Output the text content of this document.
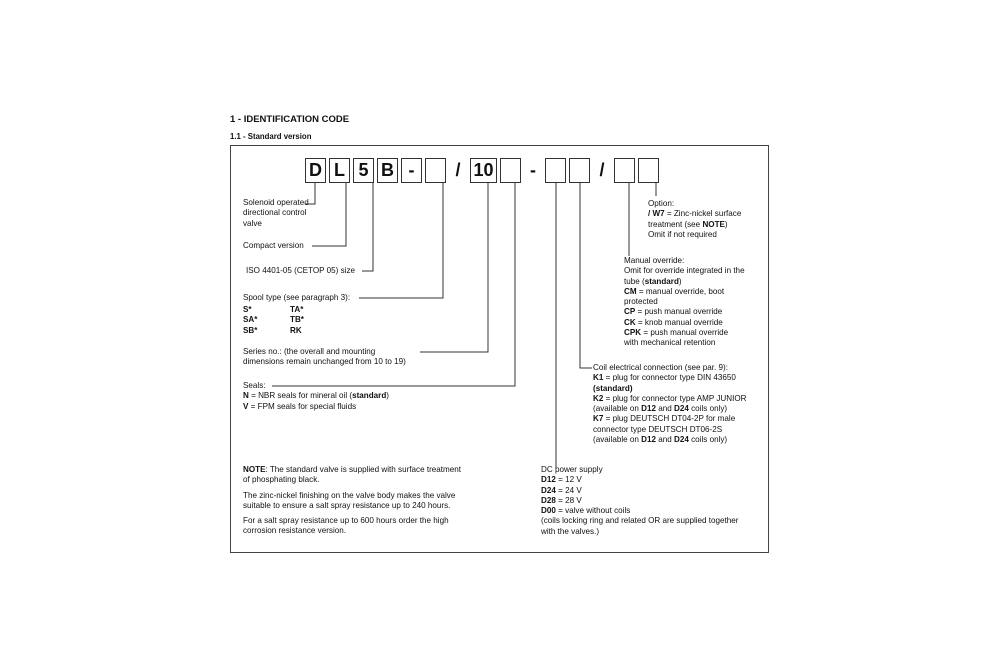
1 - IDENTIFICATION CODE
1.1 - Standard version
D L 5 B -	/ 10	-	/
Solenoid operated
directional control
valve
Compact version
ISO 4401-05 (CETOP 05) size
Spool type (see paragraph 3):
S*
SA*
SB*
TA*
TB*
RK
Series no.: (the overall and mounting
dimensions remain unchanged from 10 to 19)
Seals:
N = NBR seals for mineral oil (standard)
V = FPM seals for special fluids
NOTE: The standard valve is supplied with surface treatment
of phosphating black.
The zinc-nickel finishing on the valve body makes the valve
suitable to ensure a salt spray resistance up to 240 hours.
For a salt spray resistance up to 600 hours order the high
corrosion resistance version.
Option:
/ W7 = Zinc-nickel surface
treatment (see NOTE)
Omit if not required
Manual override:
Omit for override integrated in the
tube (standard)
CM = manual override, boot
protected
CP = push manual override
CK = knob manual override
CPK = push manual override
with mechanical retention
Coil electrical connection (see par. 9):
K1 = plug for connector type DIN 43650
(standard)
K2 = plug for connector type AMP JUNIOR
(available on D12 and D24 coils only)
K7 = plug DEUTSCH DT04-2P for male
connector type DEUTSCH DT06-2S
(available on D12 and D24 coils only)
DC power supply
D12 = 12 V
D24 = 24 V
D28 = 28 V
D00 = valve without coils
(coils locking ring and related OR are supplied together
with the valves.)
